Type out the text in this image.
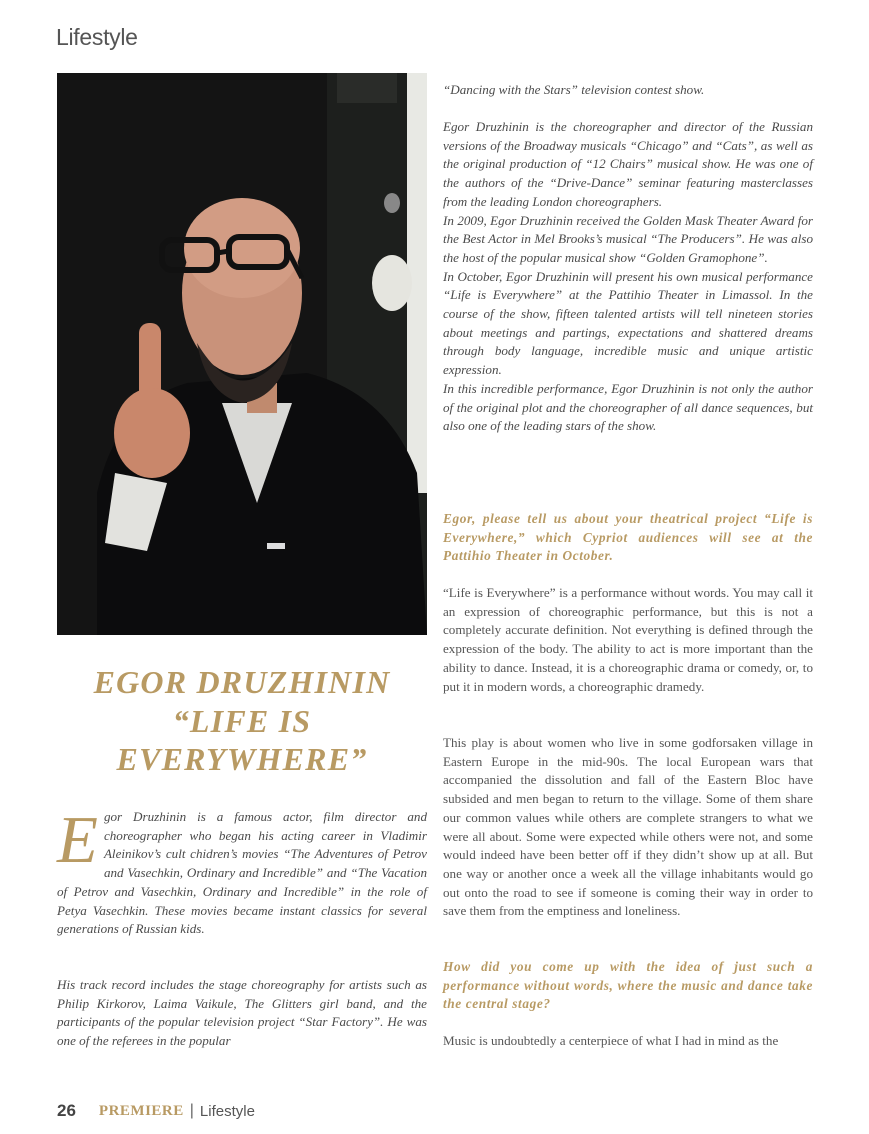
Lifestyle
EGOR DRUZHININ
“LIFE IS
EVERYWHERE”
E gor Druzhinin is a famous actor, film director and choreographer who began his acting career in Vladimir Aleinikov’s cult chidren’s movies “The Adventures of Petrov and Vasechkin, Ordinary and Incredible” and “The Vacation of Petrov and Vasechkin, Ordinary and Incredible” in the role of Petya Vasechkin. These movies became instant classics for several generations of Russian kids.
His track record includes the stage choreography for artists such as Philip Kirkorov, Laima Vaikule, The Glitters girl band, and the participants of the popular television project “Star Factory”. He was one of the referees in the popular
“Dancing with the Stars” television contest show.

Egor Druzhinin is the choreographer and director of the Russian versions of the Broadway musicals “Chicago” and “Cats”, as well as the original production of “12 Chairs” musical show. He was one of the authors of the “Drive-Dance” seminar featuring masterclasses from the leading London choreographers.

In 2009, Egor Druzhinin received the Golden Mask Theater Award for the Best Actor in Mel Brooks’s musical “The Producers”. He was also the host of the popular musical show “Golden Gramophone”.

In October, Egor Druzhinin will present his own musical performance “Life is Everywhere” at the Pattihio Theater in Limassol. In the course of the show, fifteen talented artists will tell nineteen stories about meetings and partings, expectations and shattered dreams through body language, incredible music and unique artistic expression.

In this incredible performance, Egor Druzhinin is not only the author of the original plot and the choreographer of all dance sequences, but also one of the leading stars of the show.

Egor, please tell us about your theatrical project “Life is Everywhere,” which Cypriot audiences will see at the Pattihio Theater in October.
“Life is Everywhere” is a performance without words. You may call it an expression of choreographic performance, but this is not a completely accurate definition. Not everything is defined through the expression of the body. The ability to act is more important than the ability to dance. Instead, it is a choreographic drama or comedy, or, to put it in modern words, a choreographic dramedy.
This play is about women who live in some godforsaken village in Eastern Europe in the mid-90s. The local European wars that accompanied the dissolution and fall of the Eastern Bloc have subsided and men began to return to the village. Some of them share our common values while others are complete strangers to what we were all about. Some were expected while others were not, and some would indeed have been better off if they didn’t show up at all. But one way or another once a week all the village inhabitants would go out onto the road to see if someone is coming their way in order to save them from the emptiness and loneliness.
How did you come up with the idea of just such a performance without words, where the music and dance take the central stage?
Music is undoubtedly a centerpiece of what I had in mind as the
26 PREMIERE | Lifestyle
